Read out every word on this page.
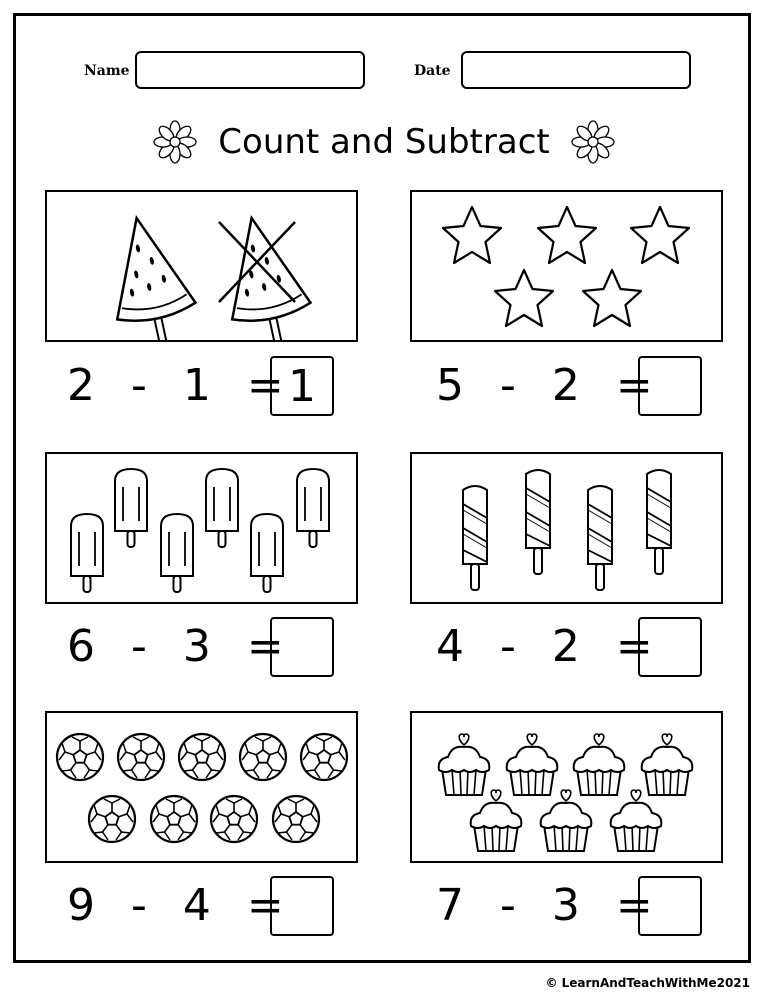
Name	Date
Count and Subtract
2 - 1 = 1	5 - 2 =
6 - 3 =	4 - 2 =
9 - 4 =	7 - 3 =
© LearnAndTeachWithMe2021
